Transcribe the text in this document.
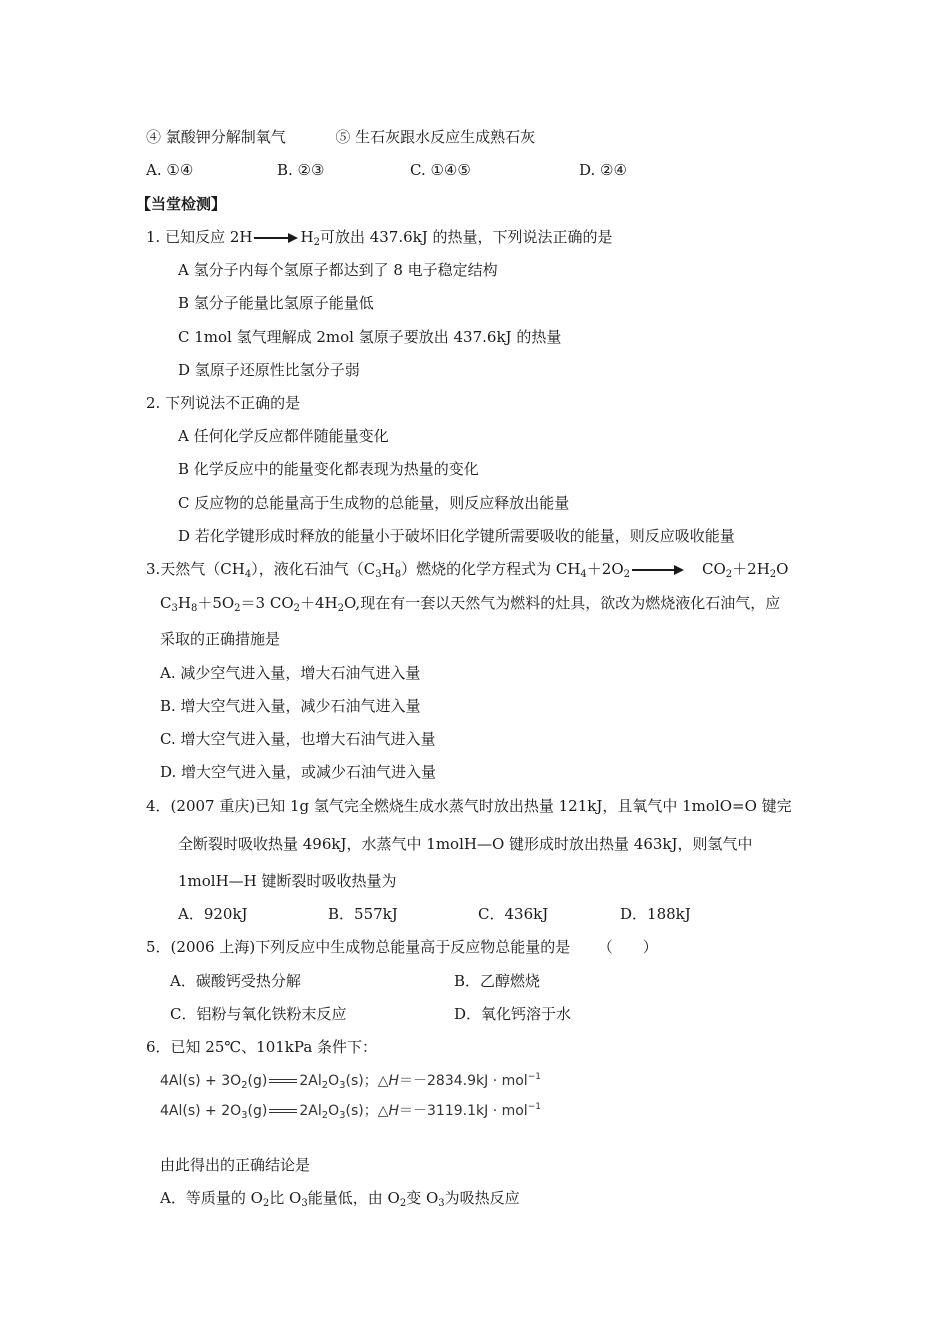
④ 氯酸钾分解制氧气	⑤ 生石灰跟水反应生成熟石灰
A. ①④	B. ②③	C. ①④⑤	D. ②④
【当堂检测】
1. 已知反应 2H	$H_2$可放出 437.6kJ 的热量，下列说法正确的是
A 氢分子内每个氢原子都达到了 8 电子稳定结构
B 氢分子能量比氢原子能量低
C 1mol 氢气理解成 2mol 氢原子要放出 437.6kJ 的热量
D 氢原子还原性比氢分子弱
2. 下列说法不正确的是
A 任何化学反应都伴随能量变化
B 化学反应中的能量变化都表现为热量的变化
C 反应物的总能量高于生成物的总能量，则反应释放出能量
D 若化学键形成时释放的能量小于破坏旧化学键所需要吸收的能量，则反应吸收能量
3.天然气$(CH_4)$，液化石油气$(C_3H_8)$燃烧的化学方程式为 $CH_4+2O_2$	$CO_2+2H_2O$
$C_3H_8+5O_2=3$ $CO_2+4H_2O$,现在有一套以天然气为燃料的灶具，欲改为燃烧液化石油气，应
采取的正确措施是
A. 减少空气进入量，增大石油气进入量
B. 增大空气进入量，减少石油气进入量
C. 增大空气进入量，也增大石油气进入量
D. 增大空气进入量，或减少石油气进入量
4．(2007 重庆)已知 1g 氢气完全燃烧生成水蒸气时放出热量 121kJ，且氧气中 1molO=O 键完
全断裂时吸收热量 496kJ，水蒸气中 1molH—O 键形成时放出热量 463kJ，则氢气中
1molH—H 键断裂时吸收热量为
A．920kJ	B．557kJ	C．436kJ	D．188kJ
5．(2006 上海)下列反应中生成物总能量高于反应物总能量的是 （　　）
A．碳酸钙受热分解	B．乙醇燃烧
C．铝粉与氧化铁粉末反应	D．氧化钙溶于水
6．已知 25℃、101kPa 条件下：
$4Al(s) + 3O_2(g)$ $2Al_2O_3(s)$；△H＝－2834.9kJ · mol$^{-1}$
$4Al(s) + 2O_3(g)$ $2Al_2O_3(s)$；△H＝－3119.1kJ · mol$^{-1}$
由此得出的正确结论是
A．等质量的 $O_2$比 $O_3$能量低，由 $O_2$变 $O_3$为吸热反应
